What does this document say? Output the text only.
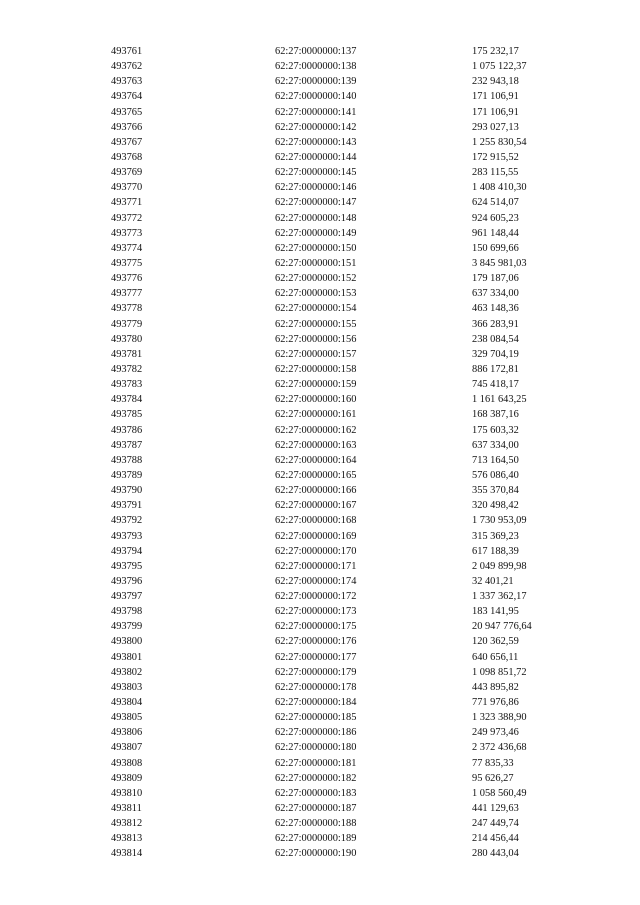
493761	62:27:0000000:137	175 232,17
493762	62:27:0000000:138	1 075 122,37
493763	62:27:0000000:139	232 943,18
493764	62:27:0000000:140	171 106,91
493765	62:27:0000000:141	171 106,91
493766	62:27:0000000:142	293 027,13
493767	62:27:0000000:143	1 255 830,54
493768	62:27:0000000:144	172 915,52
493769	62:27:0000000:145	283 115,55
493770	62:27:0000000:146	1 408 410,30
493771	62:27:0000000:147	624 514,07
493772	62:27:0000000:148	924 605,23
493773	62:27:0000000:149	961 148,44
493774	62:27:0000000:150	150 699,66
493775	62:27:0000000:151	3 845 981,03
493776	62:27:0000000:152	179 187,06
493777	62:27:0000000:153	637 334,00
493778	62:27:0000000:154	463 148,36
493779	62:27:0000000:155	366 283,91
493780	62:27:0000000:156	238 084,54
493781	62:27:0000000:157	329 704,19
493782	62:27:0000000:158	886 172,81
493783	62:27:0000000:159	745 418,17
493784	62:27:0000000:160	1 161 643,25
493785	62:27:0000000:161	168 387,16
493786	62:27:0000000:162	175 603,32
493787	62:27:0000000:163	637 334,00
493788	62:27:0000000:164	713 164,50
493789	62:27:0000000:165	576 086,40
493790	62:27:0000000:166	355 370,84
493791	62:27:0000000:167	320 498,42
493792	62:27:0000000:168	1 730 953,09
493793	62:27:0000000:169	315 369,23
493794	62:27:0000000:170	617 188,39
493795	62:27:0000000:171	2 049 899,98
493796	62:27:0000000:174	32 401,21
493797	62:27:0000000:172	1 337 362,17
493798	62:27:0000000:173	183 141,95
493799	62:27:0000000:175	20 947 776,64
493800	62:27:0000000:176	120 362,59
493801	62:27:0000000:177	640 656,11
493802	62:27:0000000:179	1 098 851,72
493803	62:27:0000000:178	443 895,82
493804	62:27:0000000:184	771 976,86
493805	62:27:0000000:185	1 323 388,90
493806	62:27:0000000:186	249 973,46
493807	62:27:0000000:180	2 372 436,68
493808	62:27:0000000:181	77 835,33
493809	62:27:0000000:182	95 626,27
493810	62:27:0000000:183	1 058 560,49
493811	62:27:0000000:187	441 129,63
493812	62:27:0000000:188	247 449,74
493813	62:27:0000000:189	214 456,44
493814	62:27:0000000:190	280 443,04
